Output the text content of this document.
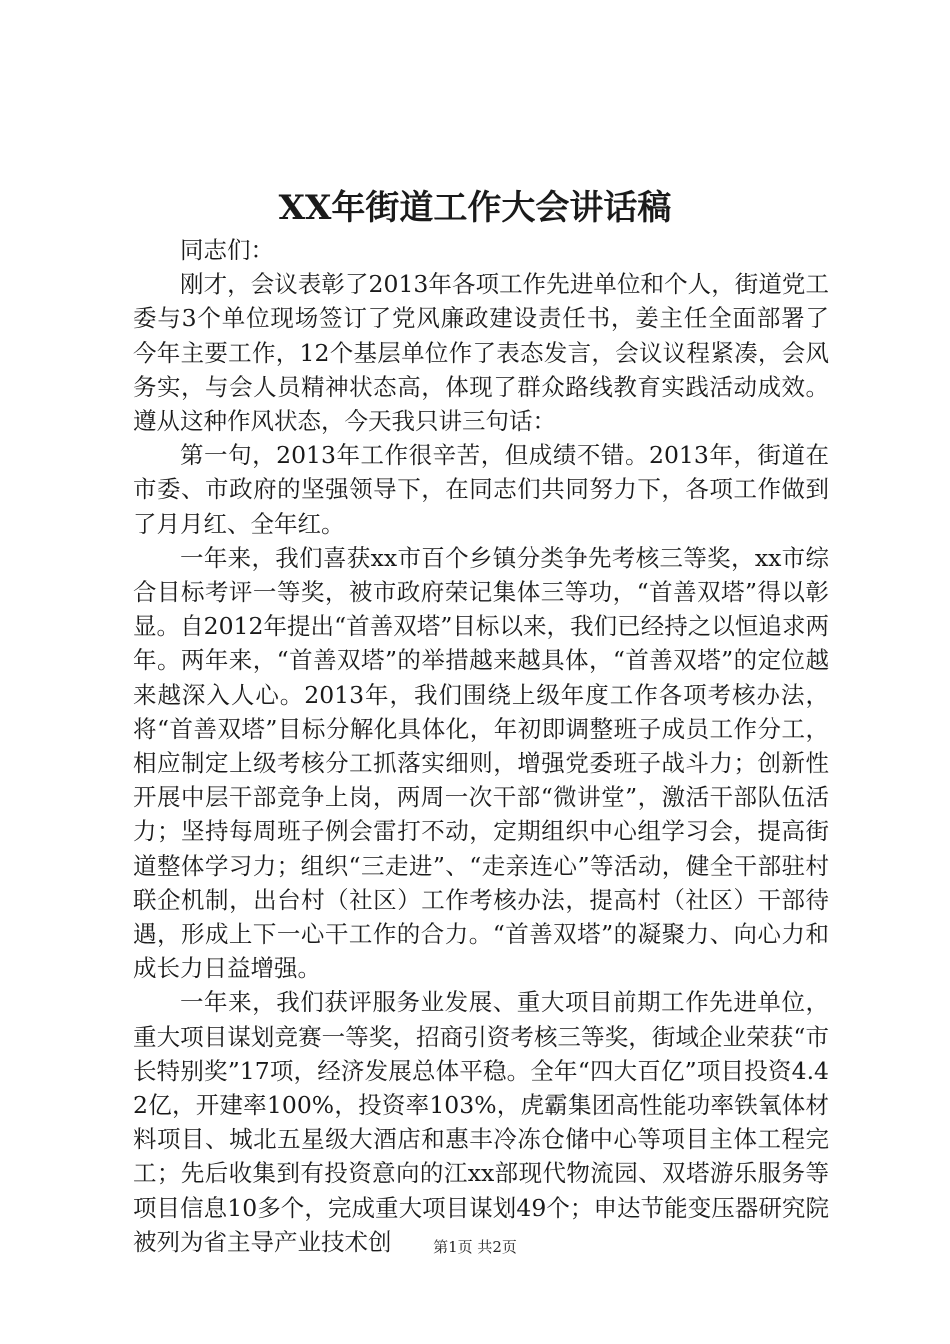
XX年街道工作大会讲话稿

同志们：

刚才，会议表彰了2013年各项工作先进单位和个人，街道党工委与3个单位现场签订了党风廉政建设责任书，姜主任全面部署了今年主要工作，12个基层单位作了表态发言，会议议程紧凑，会风务实，与会人员精神状态高，体现了群众路线教育实践活动成效。遵从这种作风状态，今天我只讲三句话：

第一句，2013年工作很辛苦，但成绩不错。2013年，街道在市委、市政府的坚强领导下，在同志们共同努力下，各项工作做到了月月红、全年红。

一年来，我们喜获xx市百个乡镇分类争先考核三等奖，xx市综合目标考评一等奖，被市政府荣记集体三等功，“首善双塔”得以彰显。自2012年提出“首善双塔”目标以来，我们已经持之以恒追求两年。两年来，“首善双塔”的举措越来越具体，“首善双塔”的定位越来越深入人心。2013年，我们围绕上级年度工作各项考核办法，将“首善双塔”目标分解化具体化，年初即调整班子成员工作分工，相应制定上级考核分工抓落实细则，增强党委班子战斗力；创新性开展中层干部竞争上岗，两周一次干部“微讲堂”，激活干部队伍活力；坚持每周班子例会雷打不动，定期组织中心组学习会，提高街道整体学习力；组织“三走进”、“走亲连心”等活动，健全干部驻村联企机制，出台村（社区）工作考核办法，提高村（社区）干部待遇，形成上下一心干工作的合力。“首善双塔”的凝聚力、向心力和成长力日益增强。

一年来，我们获评服务业发展、重大项目前期工作先进单位，重大项目谋划竞赛一等奖，招商引资考核三等奖，街域企业荣获“市长特别奖”17项，经济发展总体平稳。全年“四大百亿”项目投资4.42亿，开建率100%，投资率103%，虎霸集团高性能功率铁氧体材料项目、城北五星级大酒店和惠丰冷冻仓储中心等项目主体工程完工；先后收集到有投资意向的江xx部现代物流园、双塔游乐服务等项目信息10多个，完成重大项目谋划49个；申达节能变压器研究院被列为省主导产业技术创	第1页 共2页
